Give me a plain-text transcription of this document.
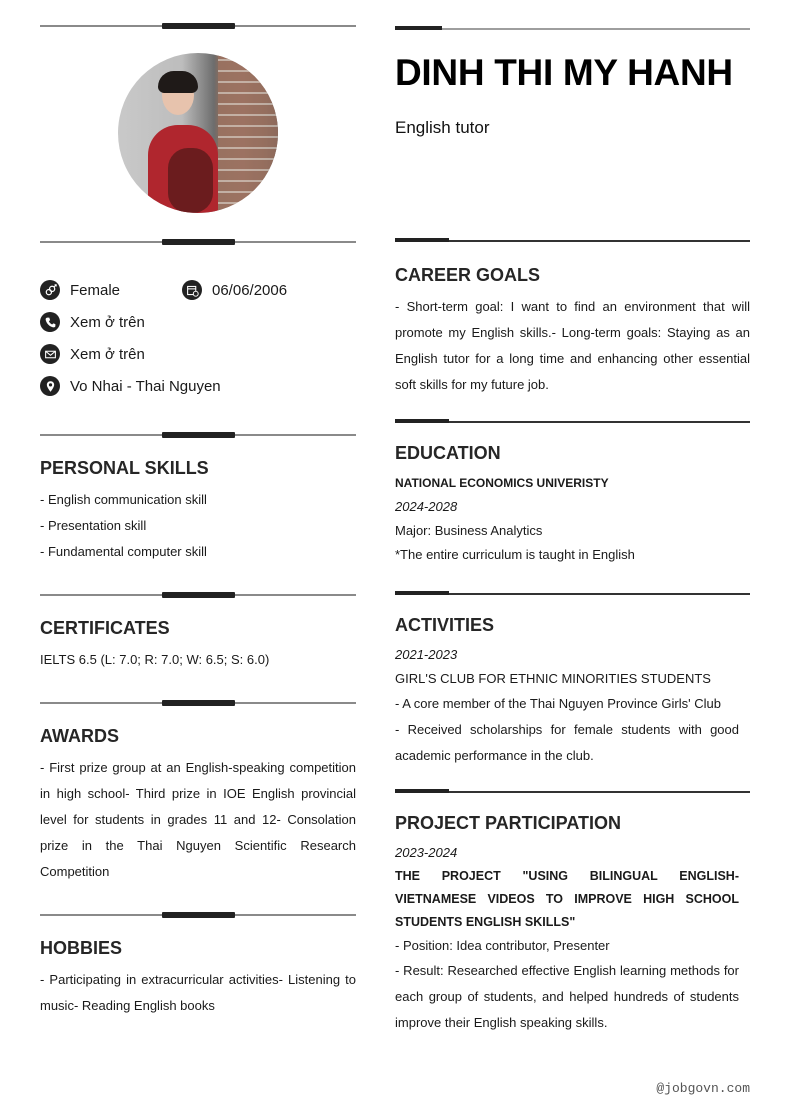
Female	06/06/2006
Xem ở trên
Xem ở trên
Vo Nhai - Thai Nguyen
PERSONAL SKILLS
- English communication skill
- Presentation skill
- Fundamental computer skill
CERTIFICATES
IELTS 6.5 (L: 7.0; R: 7.0; W: 6.5; S: 6.0)
AWARDS
- First prize group at an English-speaking competition in high school- Third prize in IOE English provincial level for students in grades 11 and 12- Consolation prize in the Thai Nguyen Scientific Research Competition
HOBBIES
- Participating in extracurricular activities- Listening to music- Reading English books
DINH THI MY HANH
English tutor
CAREER GOALS
- Short-term goal: I want to find an environment that will promote my English skills.- Long-term goals: Staying as an English tutor for a long time and enhancing other essential soft skills for my future job.
EDUCATION
NATIONAL ECONOMICS UNIVERISTY
2024-2028
Major: Business Analytics
*The entire curriculum is taught in English
ACTIVITIES
2021-2023
GIRL'S CLUB FOR ETHNIC MINORITIES STUDENTS
- A core member of the Thai Nguyen Province Girls' Club
- Received scholarships for female students with good academic performance in the club.
PROJECT PARTICIPATION
2023-2024
THE PROJECT "USING BILINGUAL ENGLISH-VIETNAMESE VIDEOS TO IMPROVE HIGH SCHOOL STUDENTS ENGLISH SKILLS"
- Position: Idea contributor, Presenter
- Result: Researched effective English learning methods for each group of students, and helped hundreds of students improve their English speaking skills.
@jobgovn.com
